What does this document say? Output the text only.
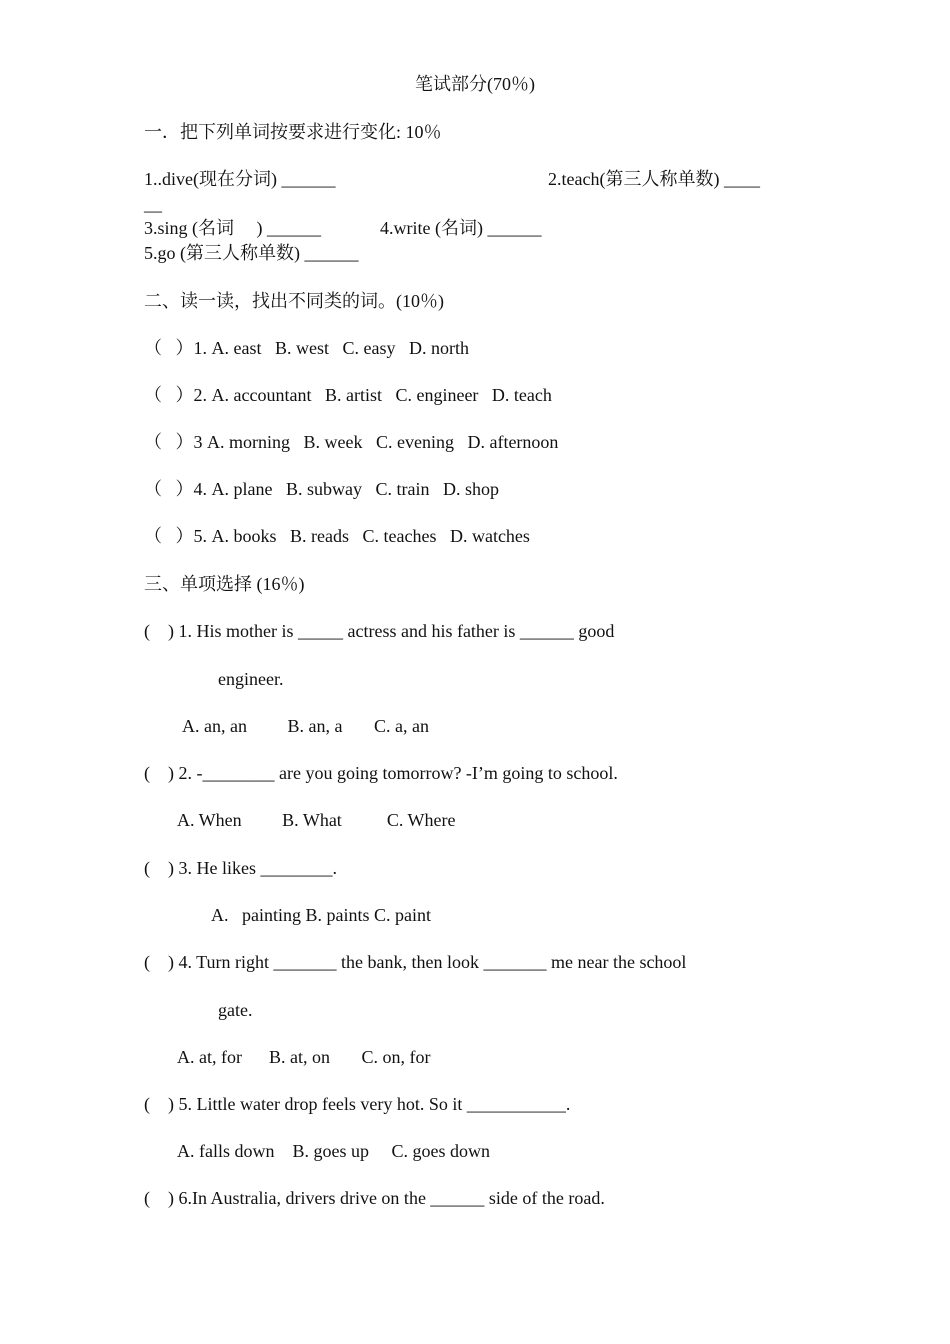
笔试部分(70％)
一．把下列单词按要求进行变化: 10％
1..dive(现在分词) ______	2.teach(第三人称单数) ____
__
3.sing (名词     ) ______	4.write (名词) ______
5.go (第三人称单数) ______
二、读一读，找出不同类的词。(10％)
（   ）1. A. east   B. west   C. easy   D. north
（   ）2. A. accountant   B. artist   C. engineer   D. teach
（   ）3 A. morning   B. week   C. evening   D. afternoon
（   ）4. A. plane   B. subway   C. train   D. shop
（   ）5. A. books   B. reads   C. teaches   D. watches
三、单项选择 (16％)
(    ) 1. His mother is _____ actress and his father is ______ good
engineer.
A. an, an         B. an, a       C. a, an
(    ) 2. -________ are you going tomorrow? -I’m going to school.
A. When         B. What          C. Where
(    ) 3. He likes ________.
A.   painting B. paints C. paint
(    ) 4. Turn right _______ the bank, then look _______ me near the school
gate.
A. at, for      B. at, on       C. on, for
(    ) 5. Little water drop feels very hot. So it ___________.
A. falls down    B. goes up     C. goes down
(    ) 6.In Australia, drivers drive on the ______ side of the road.
